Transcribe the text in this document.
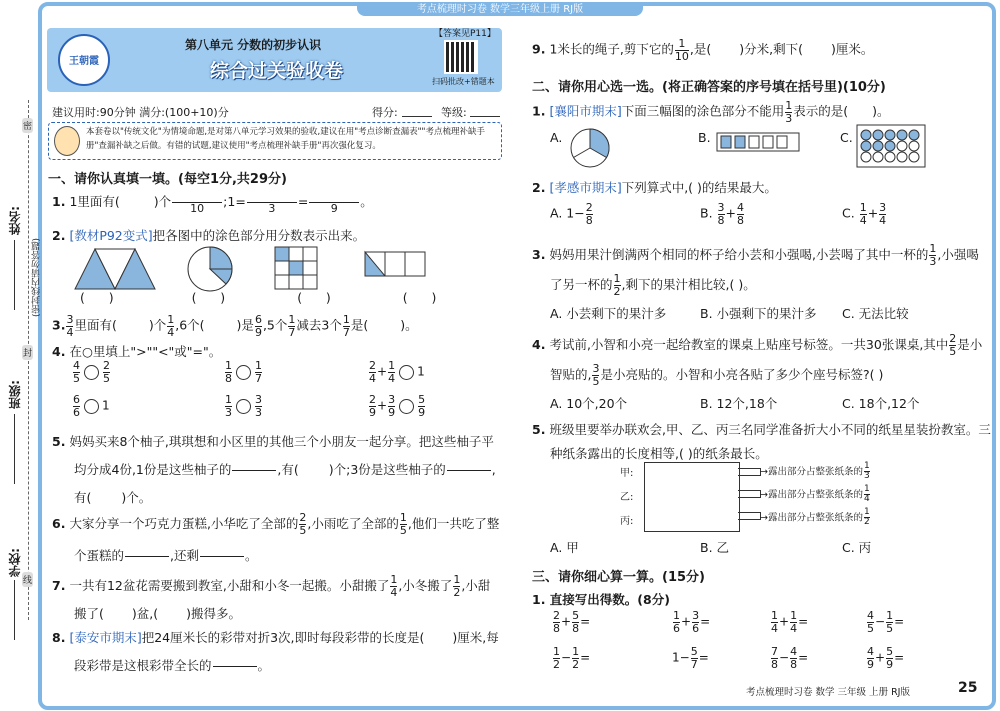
考点梳理时习卷 数学三年级上册 RJ版
姓名:
班级:
学校:
密
封
线
(密封线内请勿答题)
王朝霞
第八单元 分数的初步认识
综合过关验收卷
【答案见P11】
扫码批改+错题本
建议用时:90分钟 满分:(100+10)分	得分:	等级:
本套卷以"传统文化"为情境命题,是对第八单元学习效果的验收,建议在用"考点诊断查漏表""考点梳理补缺手册"查漏补缺之后做。有错的试题,建议使用"考点梳理补缺手册"再次强化复习。
一、请你认真填一填。(每空1分,共29分)
1. 1里面有(	)个 10 ;1= 3 = 9 。
2. [教材P92变式]把各图中的涂色部分用分数表示出来。
(      )	(      )	(      )	(      )
3. $\frac{3}{4}$ 里面有(	)个 $\frac{1}{4} ,6$个(	)是 $\frac{6}{9} ,5$个 $\frac{1}{7}$ 减去3个 $\frac{1}{7}$ 是(	)。
4. 在○里填上">""<"或"="。
$\frac{4}{5} \frac{2}{5}$	$\frac{1}{8} \frac{1}{7}$	$\frac{2}{4} + \frac{1}{4} 1$
$\frac{6}{6} 1$	$\frac{1}{3} \frac{3}{3}$	$\frac{2}{9} + \frac{3}{9} \frac{5}{9}$
5. 妈妈买来8个柚子,琪琪想和小区里的其他三个小朋友一起分享。把这些柚子平
均分成4份,1份是这些柚子的	,有( )个;3份是这些柚子的	,
有( )个。
6. 大家分享一个巧克力蛋糕,小华吃了全部的 $\frac{2}{5}$ ,小雨吃了全部的 $\frac{1}{5}$ ,他们一共吃了整
个蛋糕的	,还剩	。
7. 一共有12盆花需要搬到教室,小甜和小冬一起搬。小甜搬了 $\frac{1}{4}$ ,小冬搬了 $\frac{1}{2}$ ,小甜
搬了( )盆,( )搬得多。
8. [泰安市期末]把24厘米长的彩带对折3次,即时每段彩带的长度是( )厘米,每
段彩带是这根彩带全长的	。
9. 1米长的绳子,剪下它的 $\frac{1}{10}$ ,是( )分米,剩下( )厘米。
二、请你用心选一选。(将正确答案的序号填在括号里)(10分)
1. [襄阳市期末]下面三幅图的涂色部分不能用 $\frac{1}{3}$ 表示的是( )。
A.	B.	C.
2. [孝感市期末]下列算式中,( )的结果最大。
A. $1- \frac{2}{8}$	B. $\frac{3}{8} + \frac{4}{8}$	C. $\frac{1}{4} + \frac{3}{4}$
3. 妈妈用果汁倒满两个相同的杯子给小芸和小强喝,小芸喝了其中一杯的 $\frac{1}{3}$ ,小强喝
了另一杯的 $\frac{1}{2}$ ,剩下的果汁相比较,( )。
A. 小芸剩下的果汁多	B. 小强剩下的果汁多 C. 无法比较
4. 考试前,小智和小亮一起给教室的课桌上贴座号标签。一共30张课桌,其中 $\frac{2}{5}$ 是小
智贴的, $\frac{3}{5}$ 是小亮贴的。小智和小亮各贴了多少个座号标签?( )
A. 10个,20个	B. 12个,18个	C. 18个,12个
5. 班级里要举办联欢会,甲、乙、丙三名同学准备折大小不同的纸星星装扮教室。三
种纸条露出的长度相等,( )的纸条最长。
甲:
乙:
丙:
→露出部分占整张纸条的 $\frac{1}{3}$
→露出部分占整张纸条的 $\frac{1}{4}$
→露出部分占整张纸条的 $\frac{1}{2}$
A. 甲	B. 乙	C. 丙
三、请你细心算一算。(15分)
1. 直接写出得数。(8分)
$\frac{2}{8} + \frac{5}{8}$ =	$\frac{1}{6} + \frac{3}{6}$ =	$\frac{1}{4} + \frac{1}{4}$ =	$\frac{4}{5} - \frac{1}{5}$ =
$\frac{1}{2} - \frac{1}{2}$ =	$1- \frac{5}{7}$ =	$\frac{7}{8} - \frac{4}{8}$ =	$\frac{4}{9} + \frac{5}{9}$ =
考点梳理时习卷 数学 三年级 上册 RJ版	25
